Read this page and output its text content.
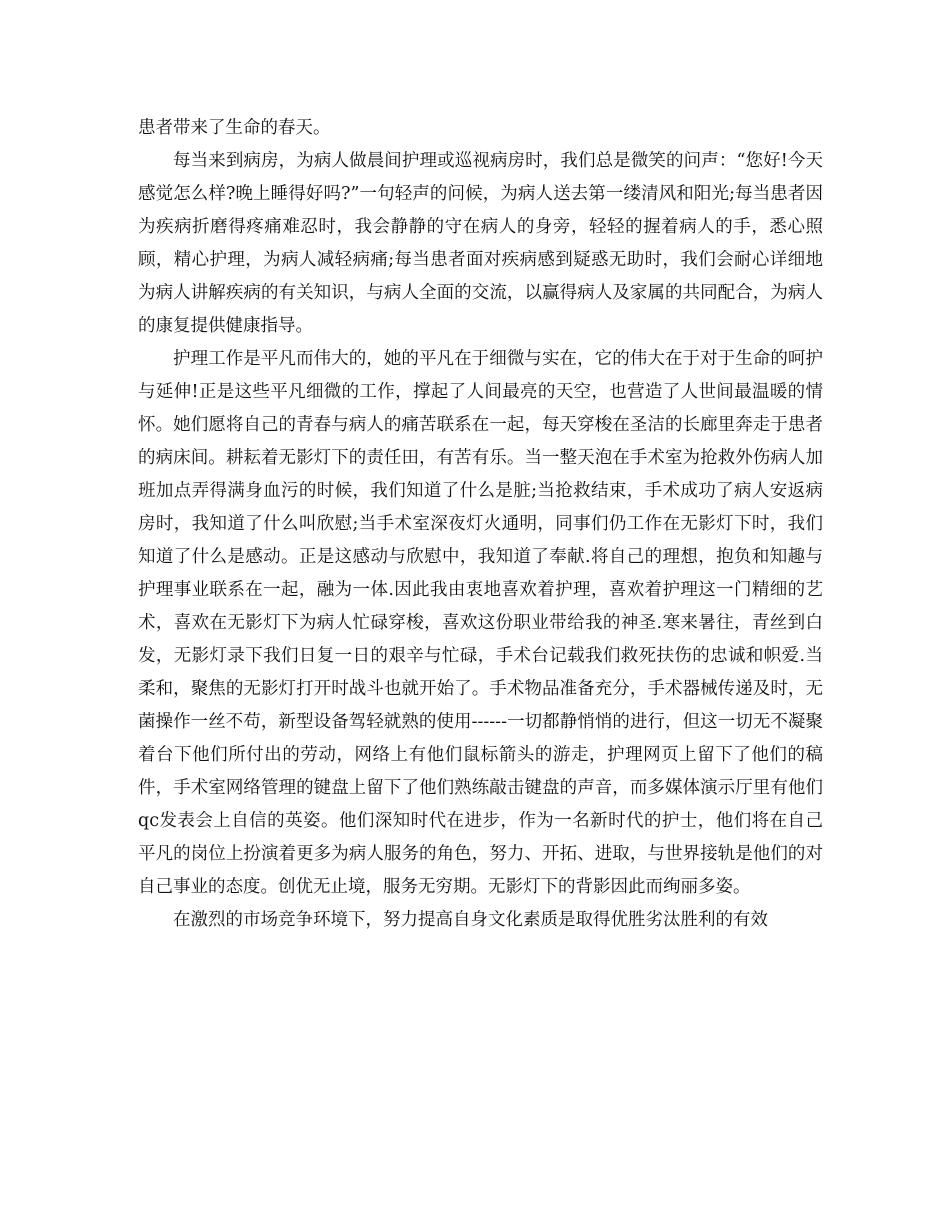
患者带来了生命的春天。

每当来到病房，为病人做晨间护理或巡视病房时，我们总是微笑的问声：“您好!今天感觉怎么样?晚上睡得好吗?”一句轻声的问候，为病人送去第一缕清风和阳光;每当患者因为疾病折磨得疼痛难忍时，我会静静的守在病人的身旁，轻轻的握着病人的手，悉心照顾，精心护理，为病人减轻病痛;每当患者面对疾病感到疑惑无助时，我们会耐心详细地为病人讲解疾病的有关知识，与病人全面的交流，以赢得病人及家属的共同配合，为病人的康复提供健康指导。

护理工作是平凡而伟大的，她的平凡在于细微与实在，它的伟大在于对于生命的呵护与延伸!正是这些平凡细微的工作，撑起了人间最亮的天空，也营造了人世间最温暖的情怀。她们愿将自己的青春与病人的痛苦联系在一起，每天穿梭在圣洁的长廊里奔走于患者的病床间。耕耘着无影灯下的责任田，有苦有乐。当一整天泡在手术室为抢救外伤病人加班加点弄得满身血污的时候，我们知道了什么是脏;当抢救结束，手术成功了病人安返病房时，我知道了什么叫欣慰;当手术室深夜灯火通明，同事们仍工作在无影灯下时，我们知道了什么是感动。正是这感动与欣慰中，我知道了奉献.将自己的理想，抱负和知趣与护理事业联系在一起，融为一体.因此我由衷地喜欢着护理，喜欢着护理这一门精细的艺术，喜欢在无影灯下为病人忙碌穿梭，喜欢这份职业带给我的神圣.寒来暑往，青丝到白发，无影灯录下我们日复一日的艰辛与忙碌，手术台记载我们救死扶伤的忠诚和帜爱.当柔和，聚焦的无影灯打开时战斗也就开始了。手术物品准备充分，手术器械传递及时，无菌操作一丝不苟，新型设备驾轻就熟的使用------一切都静悄悄的进行，但这一切无不凝聚着台下他们所付出的劳动，网络上有他们鼠标箭头的游走，护理网页上留下了他们的稿件，手术室网络管理的键盘上留下了他们熟练敲击键盘的声音，而多媒体演示厅里有他们qc发表会上自信的英姿。他们深知时代在进步，作为一名新时代的护士，他们将在自己平凡的岗位上扮演着更多为病人服务的角色，努力、开拓、进取，与世界接轨是他们的对自己事业的态度。创优无止境，服务无穷期。无影灯下的背影因此而绚丽多姿。

在激烈的市场竞争环境下，努力提高自身文化素质是取得优胜劣汰胜利的有效
